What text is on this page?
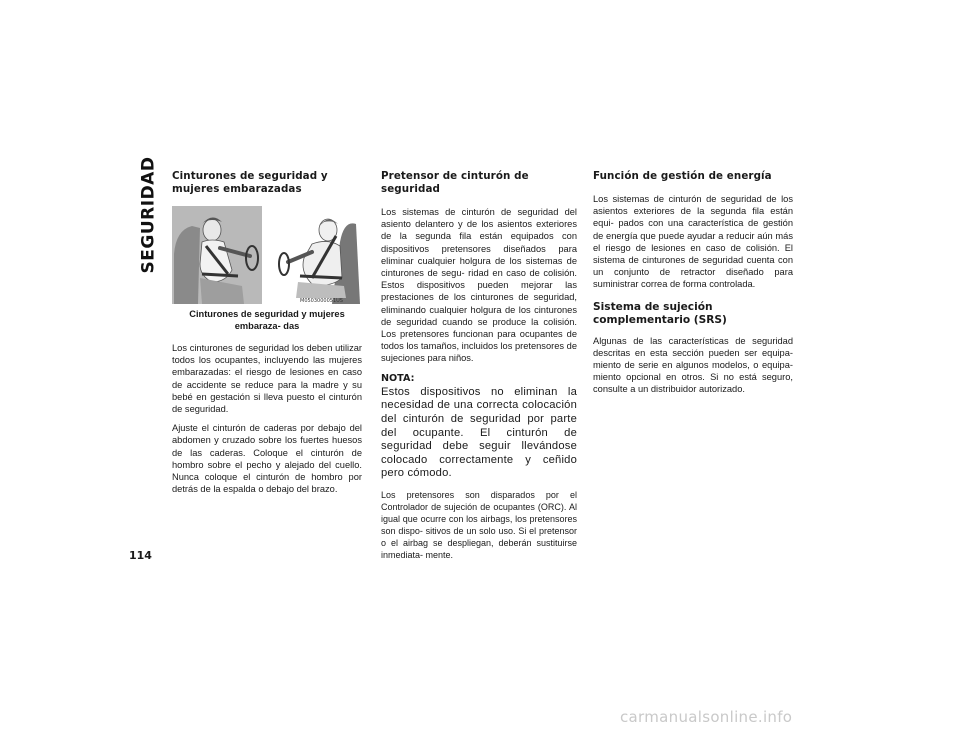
SEGURIDAD Cinturones de seguridad y mujeres embarazadas
M0503000051US
Cinturones de seguridad y mujeres embaraza- das

Los cinturones de seguridad los deben utilizar todos los ocupantes, incluyendo las mujeres embarazadas: el riesgo de lesiones en caso de accidente se reduce para la madre y su bebé en gestación si lleva puesto el cinturón de seguridad.

Ajuste el cinturón de caderas por debajo del abdomen y cruzado sobre los fuertes huesos de las caderas. Coloque el cinturón de hombro sobre el pecho y alejado del cuello. Nunca coloque el cinturón de hombro por detrás de la espalda o debajo del brazo.

Pretensor de cinturón de seguridad

Los sistemas de cinturón de seguridad del asiento delantero y de los asientos exteriores de la segunda fila están equipados con dispositivos pretensores diseñados para eliminar cualquier holgura de los sistemas de cinturones de segu- ridad en caso de colisión. Estos dispositivos pueden mejorar las prestaciones de los cinturones de seguridad, eliminando cualquier holgura de los cinturones de seguridad cuando se produce la colisión. Los pretensores funcionan para ocupantes de todos los tamaños, incluidos los pretensores de sujeciones para niños.

NOTA:
Estos dispositivos no eliminan la necesidad de una correcta colocación del cinturón de seguridad por parte del ocupante. El cinturón de seguridad debe seguir llevándose colocado correctamente y ceñido pero cómodo.

Los pretensores son disparados por el Controlador de sujeción de ocupantes (ORC). Al igual que ocurre con los airbags, los pretensores son dispo- sitivos de un solo uso. Si el pretensor o el airbag se despliegan, deberán sustituirse inmediata- mente.

Función de gestión de energía

Los sistemas de cinturón de seguridad de los asientos exteriores de la segunda fila están equi- pados con una característica de gestión de energía que puede ayudar a reducir aún más el riesgo de lesiones en caso de colisión. El sistema de cinturones de seguridad cuenta con un conjunto de retractor diseñado para suministrar correa de forma controlada.

Sistema de sujeción complementario (SRS)

Algunas de las características de seguridad descritas en esta sección pueden ser equipa- miento de serie en algunos modelos, o equipa- miento opcional en otros. Si no está seguro, consulte a un distribuidor autorizado.

114
carmanualsonline.info
